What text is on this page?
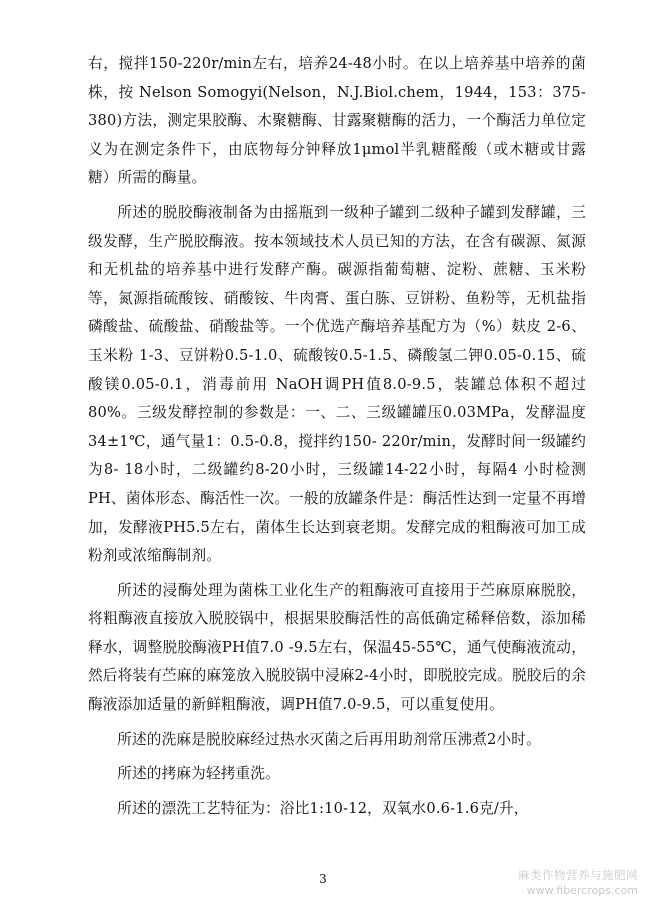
右，搅拌150-220r/min左右，培养24-48小时。在以上培养基中培养的菌株，按 Nelson Somogyi(Nelson，N.J.Biol.chem，1944，153：375-380)方法，测定果胶酶、木聚糖酶、甘露聚糖酶的活力，一个酶活力单位定义为在测定条件下，由底物每分钟释放1μmol半乳糖醛酸（或木糖或甘露糖）所需的酶量。

所述的脱胶酶液制备为由摇瓶到一级种子罐到二级种子罐到发酵罐，三级发酵，生产脱胶酶液。按本领域技术人员已知的方法，在含有碳源、氮源和无机盐的培养基中进行发酵产酶。碳源指葡萄糖、淀粉、蔗糖、玉米粉等，氮源指硫酸铵、硝酸铵、牛肉膏、蛋白胨、豆饼粉、鱼粉等，无机盐指磷酸盐、硫酸盐、硝酸盐等。一个优选产酶培养基配方为（%）麸皮 2-6、玉米粉 1-3、豆饼粉0.5-1.0、硫酸铵0.5-1.5、磷酸氢二钾0.05-0.15、硫酸镁0.05-0.1，消毒前用 NaOH调PH值8.0-9.5，装罐总体积不超过80%。三级发酵控制的参数是：一、二、三级罐罐压0.03MPa，发酵温度34±1℃，通气量1：0.5-0.8，搅拌约150- 220r/min，发酵时间一级罐约为8- 18小时，二级罐约8-20小时，三级罐14-22小时，每隔4 小时检测PH、菌体形态、酶活性一次。一般的放罐条件是：酶活性达到一定量不再增加，发酵液PH5.5左右，菌体生长达到衰老期。发酵完成的粗酶液可加工成粉剂或浓缩酶制剂。

所述的浸酶处理为菌株工业化生产的粗酶液可直接用于苎麻原麻脱胶，将粗酶液直接放入脱胶锅中，根据果胶酶活性的高低确定稀释倍数，添加稀释水，调整脱胶酶液PH值7.0 -9.5左右，保温45-55℃，通气使酶液流动，然后将装有苎麻的麻笼放入脱胶锅中浸麻2-4小时，即脱胶完成。脱胶后的余酶液添加适量的新鲜粗酶液，调PH值7.0-9.5，可以重复使用。

所述的洗麻是脱胶麻经过热水灭菌之后再用助剂常压沸煮2小时。

所述的拷麻为轻拷重洗。

所述的漂洗工艺特征为：浴比1:10-12，双氧水0.6-1.6克/升，

3	麻类作物营养与施肥网
www.fibercrops.com
